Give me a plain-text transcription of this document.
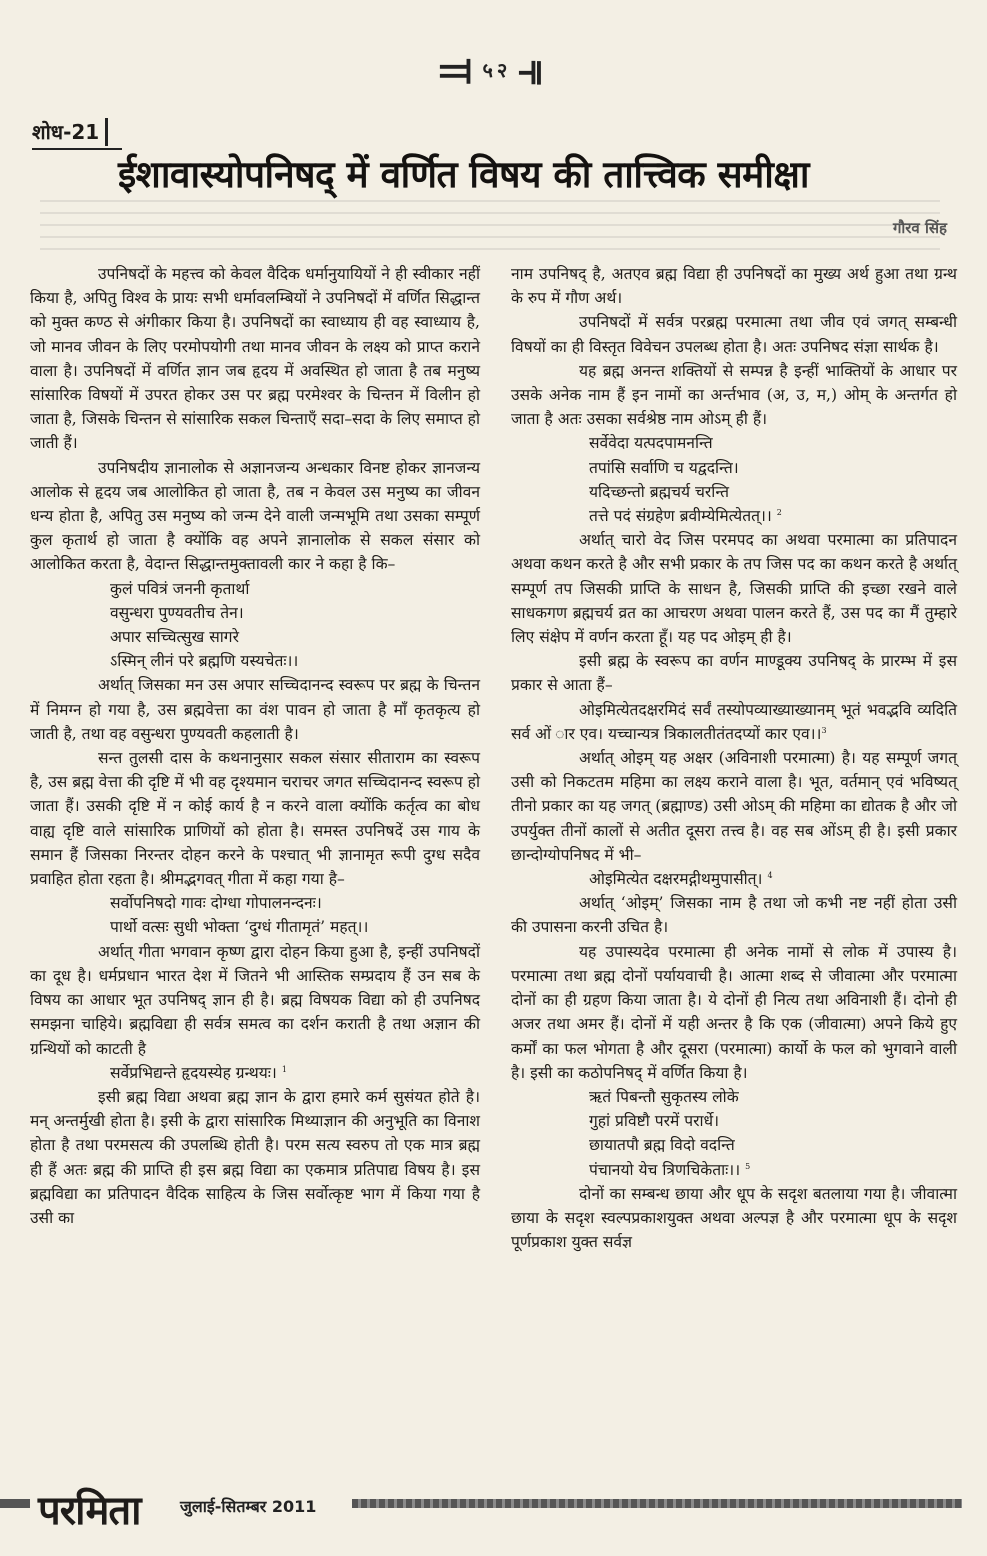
⫤ ५२ ⫣
शोध-21
ईशावास्योपनिषद् में वर्णित विषय की तात्त्विक समीक्षा
गौरव सिंह

उपनिषदों के महत्त्व को केवल वैदिक धर्मानुयायियों ने ही स्वीकार नहीं किया है, अपितु विश्व के प्रायः सभी धर्मावलम्बियों ने उपनिषदों में वर्णित सिद्धान्त को मुक्त कण्ठ से अंगीकार किया है। उपनिषदों का स्वाध्याय ही वह स्वाध्याय है, जो मानव जीवन के लिए परमोपयोगी तथा मानव जीवन के लक्ष्य को प्राप्त कराने वाला है। उपनिषदों में वर्णित ज्ञान जब हृदय में अवस्थित हो जाता है तब मनुष्य सांसारिक विषयों में उपरत होकर उस पर ब्रह्म परमेश्वर के चिन्तन में विलीन हो जाता है, जिसके चिन्तन से सांसारिक सकल चिन्ताएँ सदा–सदा के लिए समाप्त हो जाती हैं।

उपनिषदीय ज्ञानालोक से अज्ञानजन्य अन्धकार विनष्ट होकर ज्ञानजन्य आलोक से हृदय जब आलोकित हो जाता है, तब न केवल उस मनुष्य का जीवन धन्य होता है, अपितु उस मनुष्य को जन्म देने वाली जन्मभूमि तथा उसका सम्पूर्ण कुल कृतार्थ हो जाता है क्योंकि वह अपने ज्ञानालोक से सकल संसार को आलोकित करता है, वेदान्त सिद्धान्तमुक्तावली कार ने कहा है कि–

कुलं पवित्रं जननी कृतार्था
वसुन्धरा पुण्यवतीच तेन।
अपार सच्चित्सुख सागरे
ऽस्मिन् लीनं परे ब्रह्मणि यस्यचेतः।।

अर्थात् जिसका मन उस अपार सच्चिदानन्द स्वरूप पर ब्रह्म के चिन्तन में निमग्न हो गया है, उस ब्रह्मवेत्ता का वंश पावन हो जाता है माँ कृतकृत्य हो जाती है, तथा वह वसुन्धरा पुण्यवती कहलाती है।

सन्त तुलसी दास के कथनानुसार सकल संसार सीताराम का स्वरूप है, उस ब्रह्म वेत्ता की दृष्टि में भी वह दृश्यमान चराचर जगत सच्चिदानन्द स्वरूप हो जाता हैं। उसकी दृष्टि में न कोई कार्य है न करने वाला क्योंकि कर्तृत्व का बोध वाह्य दृष्टि वाले सांसारिक प्राणियों को होता है। समस्त उपनिषदें उस गाय के समान हैं जिसका निरन्तर दोहन करने के पश्चात् भी ज्ञानामृत रूपी दुग्ध सदैव प्रवाहित होता रहता है। श्रीमद्भगवत् गीता में कहा गया है–

सर्वोपनिषदो गावः दोग्धा गोपालनन्दनः।
पार्थो वत्सः सुधी भोक्ता ‘दुग्धं गीतामृतं’ महत्।।

अर्थात् गीता भगवान कृष्ण द्वारा दोहन किया हुआ है, इन्हीं उपनिषदों का दूध है। धर्मप्रधान भारत देश में जितने भी आस्तिक सम्प्रदाय हैं उन सब के विषय का आधार भूत उपनिषद् ज्ञान ही है। ब्रह्म विषयक विद्या को ही उपनिषद समझना चाहिये। ब्रह्मविद्या ही सर्वत्र समत्व का दर्शन कराती है तथा अज्ञान की ग्रन्थियों को काटती है

सर्वेप्रभिद्यन्ते हृदयस्येह ग्रन्थयः। $^1$

इसी ब्रह्म विद्या अथवा ब्रह्म ज्ञान के द्वारा हमारे कर्म सुसंयत होते है। मन् अन्तर्मुखी होता है। इसी के द्वारा सांसारिक मिथ्याज्ञान की अनुभूति का विनाश होता है तथा परमसत्य की उपलब्धि होती है। परम सत्य स्वरुप तो एक मात्र ब्रह्म ही हैं अतः ब्रह्म की प्राप्ति ही इस ब्रह्म विद्या का एकमात्र प्रतिपाद्य विषय है। इस ब्रह्मविद्या का प्रतिपादन वैदिक साहित्य के जिस सर्वोत्कृष्ट भाग में किया गया है उसी का

नाम उपनिषद् है, अतएव ब्रह्म विद्या ही उपनिषदों का मुख्य अर्थ हुआ तथा ग्रन्थ के रुप में गौण अर्थ।

उपनिषदों में सर्वत्र परब्रह्म परमात्मा तथा जीव एवं जगत् सम्बन्धी विषयों का ही विस्तृत विवेचन उपलब्ध होता है। अतः उपनिषद संज्ञा सार्थक है।

यह ब्रह्म अनन्त शक्तियों से सम्पन्न है इन्हीं भाक्तियों के आधार पर उसके अनेक नाम हैं इन नामों का अर्न्तभाव (अ, उ, म,) ओम् के अन्तर्गत हो जाता है अतः उसका सर्वश्रेष्ठ नाम ओऽम् ही हैं।

सर्वेवेदा यत्पदपामनन्ति
तपांसि सर्वाणि च यद्वदन्ति।
यदिच्छन्तो ब्रह्मचर्य चरन्ति
तत्ते पदं संग्रहेण ब्रवीम्येमित्येतत्।। $^2$

अर्थात् चारो वेद जिस परमपद का अथवा परमात्मा का प्रतिपादन अथवा कथन करते है और सभी प्रकार के तप जिस पद का कथन करते है अर्थात् सम्पूर्ण तप जिसकी प्राप्ति के साधन है, जिसकी प्राप्ति की इच्छा रखने वाले साधकगण ब्रह्मचर्य व्रत का आचरण अथवा पालन करते हैं, उस पद का मैं तुम्हारे लिए संक्षेप में वर्णन करता हूँ। यह पद ओइम् ही है।

इसी ब्रह्म के स्वरूप का वर्णन माण्डूक्य उपनिषद् के प्रारम्भ में इस प्रकार से आता हैं–

ओइमित्येतदक्षरमिदं सर्वं तस्योपव्याख्याख्यानम् भूतं भवद्भवि व्यदिति सर्व ओं ार एव। यच्चान्यत्र त्रिकालतीतंतदप्यों कार एव।।$^3$

अर्थात् ओइम् यह अक्षर (अविनाशी परमात्मा) है। यह सम्पूर्ण जगत् उसी को निकटतम महिमा का लक्ष्य कराने वाला है। भूत, वर्तमान् एवं भविष्यत् तीनो प्रकार का यह जगत् (ब्रह्माण्ड) उसी ओऽम् की महिमा का द्योतक है और जो उपर्युक्त तीनों कालों से अतीत दूसरा तत्त्व है। वह सब ओंऽम् ही है। इसी प्रकार छान्दोग्योपनिषद में भी–

ओइमित्येत दक्षरमद्गीथमुपासीत्। $^4$

अर्थात् ‘ओइम्’ जिसका नाम है तथा जो कभी नष्ट नहीं होता उसी की उपासना करनी उचित है।

यह उपास्यदेव परमात्मा ही अनेक नामों से लोक में उपास्य है। परमात्मा तथा ब्रह्म दोनों पर्यायवाची है। आत्मा शब्द से जीवात्मा और परमात्मा दोनों का ही ग्रहण किया जाता है। ये दोनों ही नित्य तथा अविनाशी हैं। दोनो ही अजर तथा अमर हैं। दोनों में यही अन्तर है कि एक (जीवात्मा) अपने किये हुए कर्मों का फल भोगता है और दूसरा (परमात्मा) कार्यो के फल को भुगवाने वाली है। इसी का कठोपनिषद् में वर्णित किया है।

ऋतं पिबन्तौ सुकृतस्य लोके
गुहां प्रविष्टौ परमें परार्धे।
छायातपौ ब्रह्म विदो वदन्ति
पंचानयो येच त्रिणचिकेताः।। $^5$

दोनों का सम्बन्ध छाया और धूप के सदृश बतलाया गया है। जीवात्मा छाया के सदृश स्वल्पप्रकाशयुक्त अथवा अल्पज्ञ है और परमात्मा धूप के सदृश पूर्णप्रकाश युक्त सर्वज्ञ

परमिता जुलाई-सितम्बर 2011
